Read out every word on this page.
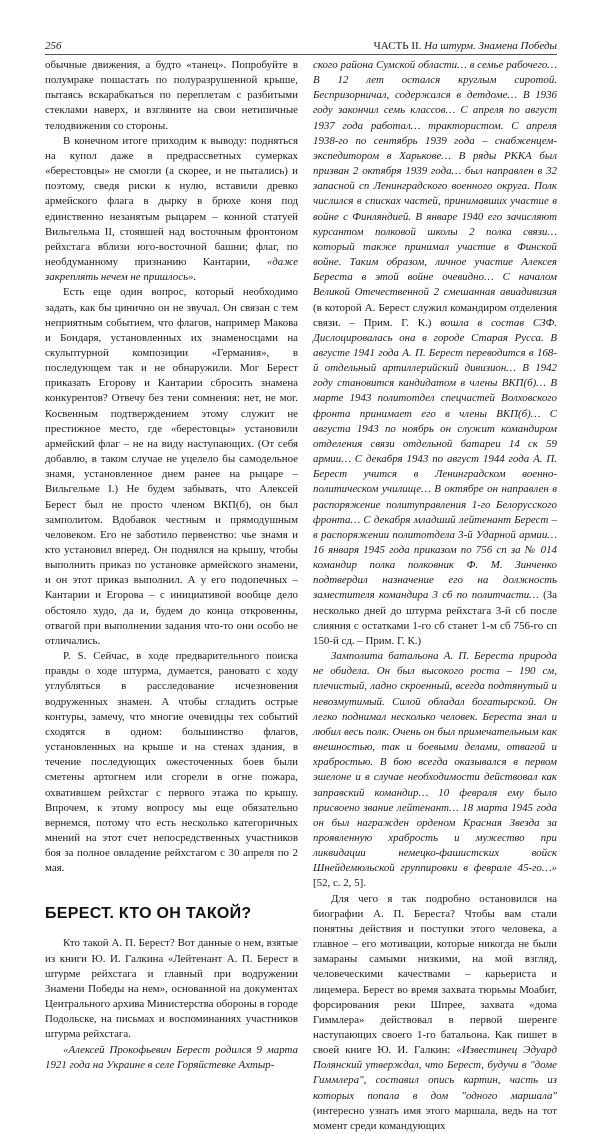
256	ЧАСТЬ II. На штурм. Знамена Победы

обычные движения, а будто «танец». Попробуйте в полумраке пошастать по полуразрушенной крыше, пытаясь вскарабкаться по переплетам с разбитыми стеклами наверх, и взгляните на свои нетипичные телодвижения со стороны.

В конечном итоге приходим к выводу: подняться на купол даже в предрассветных сумерках «берестовцы» не смогли (а скорее, и не пытались) и поэтому, сведя риски к нулю, вставили древко армейского флага в дырку в брюхе коня под единственно незанятым рыцарем – конной статуей Вильгельма II, стоявшей над восточным фронтоном рейхстага вблизи юго-восточной башни; флаг, по необдуманному признанию Кантарии, «даже закреплять нечем не пришлось».

Есть еще один вопрос, который необходимо задать, как бы цинично он не звучал. Он связан с тем неприятным событием, что флагов, например Макова и Бондаря, установленных их знаменосцами на скульптурной композиции «Германия», в последующем так и не обнаружили. Мог Берест приказать Егорову и Кантарии сбросить знамена конкурентов? Отвечу без тени сомнения: нет, не мог. Косвенным подтверждением этому служит не престижное место, где «берестовцы» установили армейский флаг – не на виду наступающих. (От себя добавлю, в таком случае не уцелело бы самодельное знамя, установленное днем ранее на рыцаре – Вильгельме I.) Не будем забывать, что Алексей Берест был не просто членом ВКП(б), он был замполитом. Вдобавок честным и прямодушным человеком. Его не заботило первенство: чье знамя и кто установил вперед. Он поднялся на крышу, чтобы выполнить приказ по установке армейского знамени, и он этот приказ выполнил. А у его подопечных – Кантарии и Егорова – с инициативой вообще дело обстояло худо, да и, будем до конца откровенны, отвагой при выполнении задания что-то они особо не отличались.

P. S. Сейчас, в ходе предварительного поиска правды о ходе штурма, думается, рановато с ходу углубляться в расследование исчезновения водруженных знамен. А чтобы сгладить острые контуры, замечу, что многие очевидцы тех событий сходятся в одном: большинство флагов, установленных на крыше и на стенах здания, в течение последующих ожесточенных боев были сметены артогнем или сгорели в огне пожара, охватившем рейхстаг с первого этажа по крышу. Впрочем, к этому вопросу мы еще обязательно вернемся, потому что есть несколько категоричных мнений на этот счет непосредственных участников боя за полное овладение рейхстагом с 30 апреля по 2 мая.

БЕРЕСТ. КТО ОН ТАКОЙ?

Кто такой А. П. Берест? Вот данные о нем, взятые из книги Ю. И. Галкина «Лейтенант А. П. Берест в штурме рейхстага и главный при водружении Знамени Победы на нем», основанной на документах Центрального архива Министерства обороны в городе Подольске, на письмах и воспоминаниях участников штурма рейхстага.

«Алексей Прокофьевич Берест родился 9 марта 1921 года на Украине в селе Горяйстевке Ахтыр-

ского района Сумской области… в семье рабочего… В 12 лет остался круглым сиротой. Беспризорничал, содержался в детдоме… В 1936 году закончил семь классов… С апреля по август 1937 года работал… трактористом. С апреля 1938-го по сентябрь 1939 года – снабженцем-экспедитором в Харькове… В ряды РККА был призван 2 октября 1939 года… был направлен в 32 запасной сп Ленинградского военного округа. Полк числился в списках частей, принимавших участие в войне с Финляндией. В январе 1940 его зачисляют курсантом полковой школы 2 полка связи… который также принимал участие в Финской войне. Таким образом, личное участие Алексея Береста в этой войне очевидно… С началом Великой Отечественной 2 смешанная авиадивизия (в которой А. Берест служил командиром отделения связи. – Прим. Г. К.) вошла в состав СЗФ. Дислоцировалась она в городе Старая Русса. В августе 1941 года А. П. Берест переводится в 168-й отдельный артиллерийский дивизион… В 1942 году становится кандидатом в члены ВКП(б)… В марте 1943 политотдел спецчастей Волховского фронта принимает его в члены ВКП(б)… С августа 1943 по ноябрь он служит командиром отделения связи отдельной батареи 14 ск 59 армии… С декабря 1943 по август 1944 года А. П. Берест учится в Ленинградском военно-политическом училище… В октябре он направлен в распоряжение политуправления 1-го Белорусского фронта… С декабря младший лейтенант Берест – в распоряжении политотдела 3-й Ударной армии… 16 января 1945 года приказом по 756 сп за № 014 командир полка полковник Ф. М. Зинченко подтвердил назначение его на должность заместителя командира 3 сб по политчасти… (За несколько дней до штурма рейхстага 3-й сб после слияния с остатками 1-го сб станет 1-м сб 756-го сп 150-й сд. – Прим. Г. К.)

Замполита батальона А. П. Береста природа не обидела. Он был высокого роста – 190 см, плечистый, ладно скроенный, всегда подтянутый и невозмутимый. Силой обладал богатырской. Он легко поднимал несколько человек. Береста знал и любил весь полк. Очень он был примечательным как внешностью, так и боевыми делами, отвагой и храбростью. В бою всегда оказывался в первом эшелоне и в случае необходимости действовал как заправский командир… 10 февраля ему было присвоено звание лейтенант… 18 марта 1945 года он был награжден орденом Красная Звезда за проявленную храбрость и мужество при ликвидации немецко-фашистских войск Шнейдемюльской группировки в феврале 45-го…» [52, с. 2, 5].

Для чего я так подробно остановился на биографии А. П. Береста? Чтобы вам стали понятны действия и поступки этого человека, а главное – его мотивации, которые никогда не были замараны самыми низкими, на мой взгляд, человеческими качествами – карьериста и лицемера. Берест во время захвата тюрьмы Моабит, форсирования реки Шпрее, захвата «дома Гиммлера» действовал в первой шеренге наступающих своего 1-го батальона. Как пишет в своей книге Ю. И. Галкин: «Известинец Эдуард Полянский утверждал, что Берест, будучи в "доме Гиммлера", составил опись картин, часть из которых попала в дом "одного маршала" (интересно узнать имя этого маршала, ведь на тот момент среди командующих
